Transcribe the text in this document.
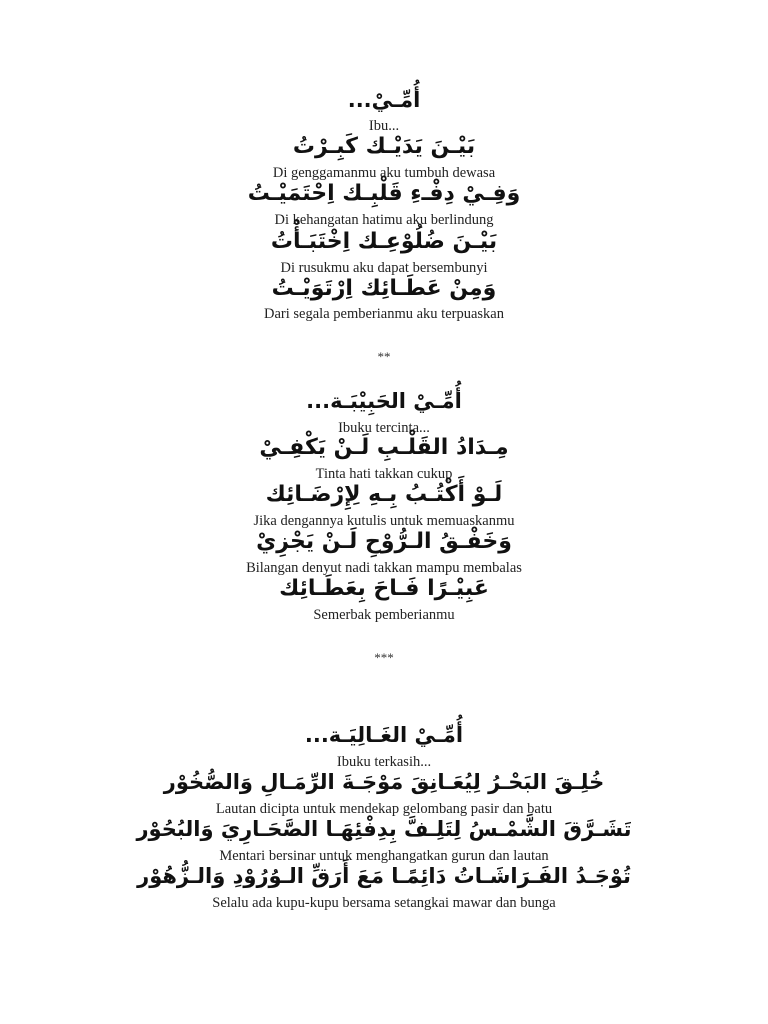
أُمِّـيْ...
Ibu...
بَيْـنَ يَدَيْـك كَبِـرْتُ
Di genggamanmu aku tumbuh dewasa
وَفِـيْ دِفْـءِ قَلْبِـك اِحْتَمَيْـتُ
Di kehangatan hatimu aku berlindung
بَيْـنَ ضُلُوْعِـك اِخْتَبَـأْتُ
Di rusukmu aku dapat bersembunyi
وَمِنْ عَطَـائِك اِرْتَوَيْـتُ
Dari segala pemberianmu aku terpuaskan
**
أُمِّـيْ الحَبِيْبَـة...
Ibuku tercinta...
مِـدَادُ القَلْـبِ لَـنْ يَكْفِـيْ
Tinta hati takkan cukup
لَـوْ أَكْتُـبُ بِـهِ لِإِرْضَـائِك
Jika dengannya kutulis untuk memuaskanmu
وَخَفْـقُ الـرُّوْحِ لَـنْ يَجْزِيْ
Bilangan denyut nadi takkan mampu membalas
عَبِيْـرًا فَـاحَ بِعَطَـائِك
Semerbak pemberianmu
***
أُمِّـيْ الغَـالِيَـة...
Ibuku terkasih...
خُلِـقَ البَحْـرُ لِيُعَـانِقَ مَوْجَـةَ الرِّمَـالِ وَالصُّخُوْر
Lautan dicipta untuk mendekap gelombang pasir dan batu
تَشَـرَّقَ الشَّمْـسُ لِتَلِـفَّ بِدِفْئِهَـا الصَّحَـارِيَ وَالبُحُوْر
Mentari bersinar untuk menghangatkan gurun dan lautan
تُوْجَـدُ الفَـرَاشَـاتُ دَائِمًـا مَعَ أَرَقِّ الـوُرُوْدِ وَالـزُّهُوْر
Selalu ada kupu-kupu bersama setangkai mawar dan bunga
